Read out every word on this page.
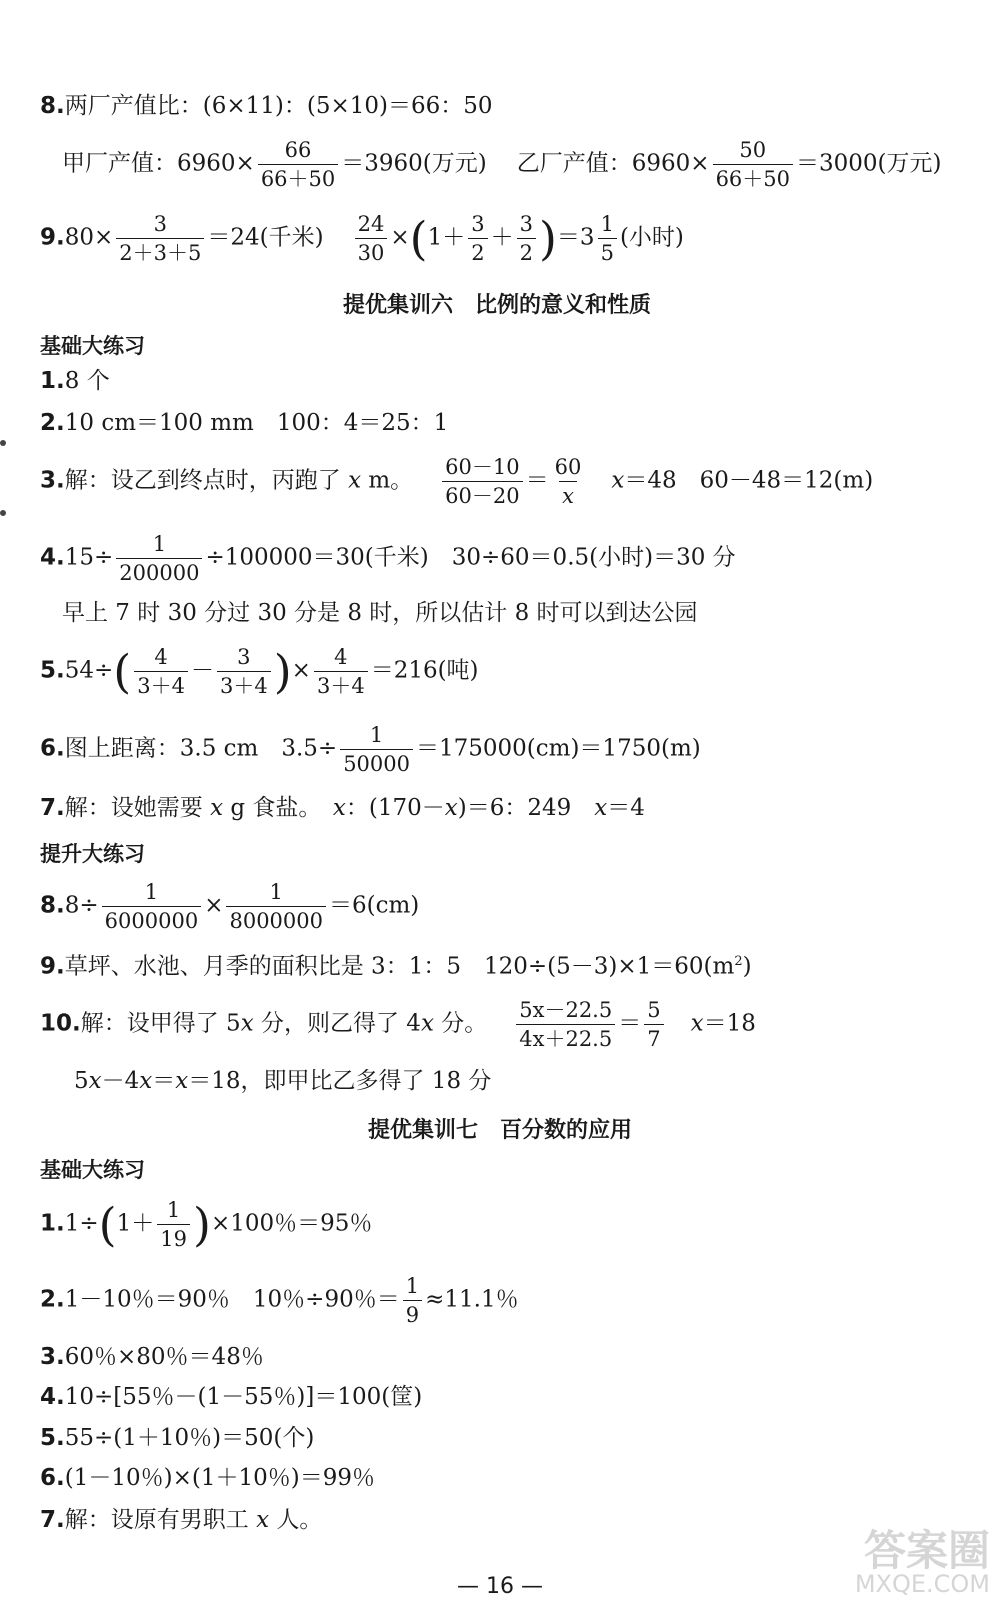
8.两厂产值比：(6×11)：(5×10)＝66：50
甲厂产值：$6960\times \frac{66}{66+50} =3960$(万元) 乙厂产值：$6960\times \frac{50}{66+50} =3000$(万元)
$9.80\times \frac{3}{2+3+5} =24$(千米) $\frac{24}{30} \times(1+ \frac{3}{2} + \frac{3}{2} )=3 \frac{1}{5}$ (小时)
提优集训六　比例的意义和性质
基础大练习
1.8 个
2.10 cm＝100 mm　100：4＝25：1
3.解：设乙到终点时，丙跑了 x m。 $\frac{60-10}{60-20} = \frac{60}{x} x=48$　60－48＝12(m)
$4.15\div \frac{1}{200000} \div 100000=30$(千米)　30÷60＝0.5(小时)＝30 分
早上 7 时 30 分过 30 分是 8 时，所以估计 8 时可以到达公园
$5.54\div( \frac{4}{3+4} - \frac{3}{3+4}$ )× $\frac{4}{3+4} =216$(吨)
6.图上距离：3.5 cm　$3.5\div \frac{1}{50000} =175000(cm)=1750(m)$
7.解：设她需要 x g 食盐。　x：(170－x)＝6：249　x＝4
提升大练习
$8.8\div \frac{1}{6000000} \times \frac{1}{8000000} =6(cm)$
9.草坪、水池、月季的面积比是 3：1：5　$120\div(5-3)\times 1=60(m^2)$
10.解：设甲得了 5x 分，则乙得了 4x 分。 $\frac{5x-22.5}{4x+22.5} = \frac{5}{7} x=18$
5x－4x＝x＝18，即甲比乙多得了 18 分
提优集训七　百分数的应用
基础大练习
$1.1\div(1+ \frac{1}{19} )\times 100$％＝95％
2.1－10％＝90％　10％÷90％＝ $\frac{1}{9} \approx 11.1$％
3.60％×80％＝48％
4.10÷[55％－(1－55％)]＝100(筐)
5.55÷(1＋10％)＝50(个)
6.(1－10％)×(1＋10％)＝99％
7.解：设原有男职工 x 人。
— 16 —
答案圈
MXQE.COM
